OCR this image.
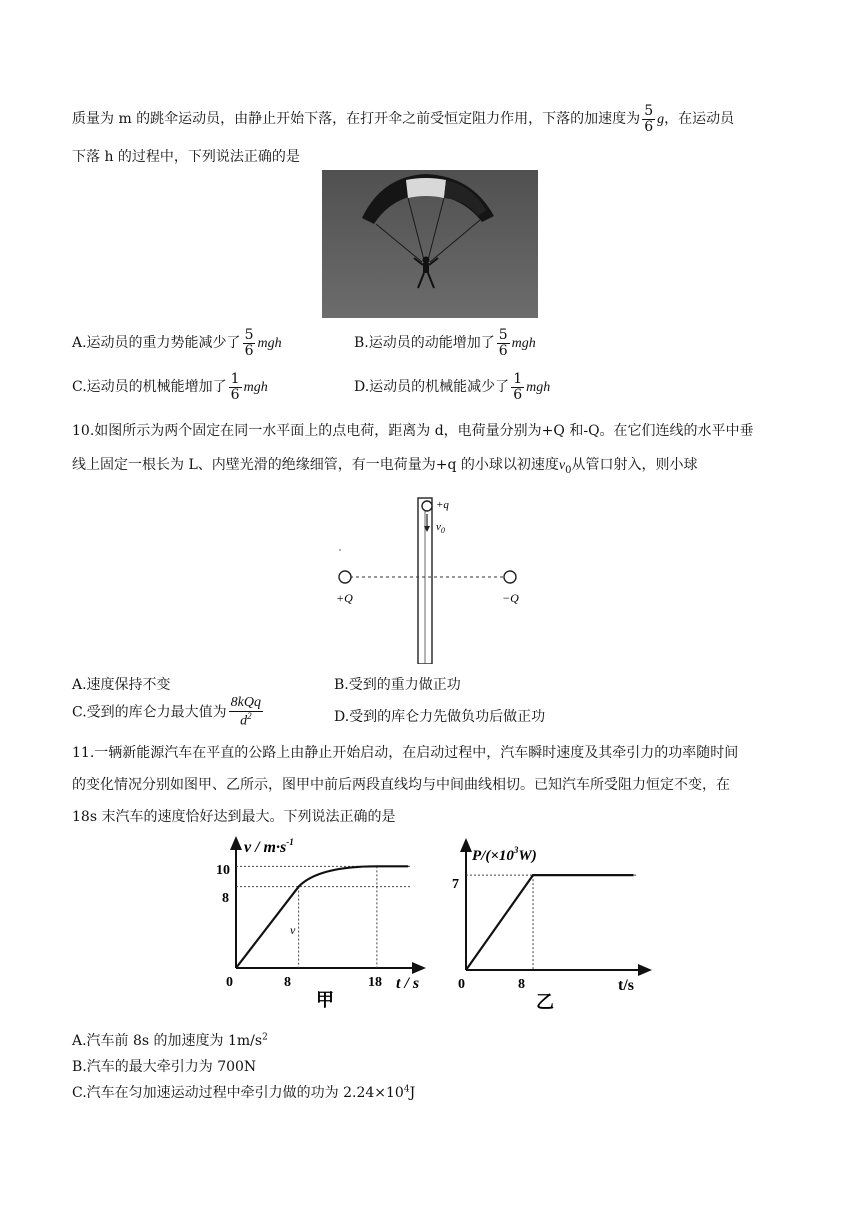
质量为 m 的跳伞运动员，由静止开始下落，在打开伞之前受恒定阻力作用，下落的加速度为 $\frac{5}{6}$ g，在运动员
下落 h 的过程中，下列说法正确的是
A.运动员的重力势能减少了 $\frac{5}{6}$ mgh	B.运动员的动能增加了 $\frac{5}{6}$ mgh
C.运动员的机械能增加了 $\frac{1}{6}$ mgh	D.运动员的机械能减少了 $\frac{1}{6}$ mgh
10.如图所示为两个固定在同一水平面上的点电荷，距离为 d，电荷量分别为+Q 和-Q。在它们连线的水平中垂
线上固定一根长为 L、内壁光滑的绝缘细管，有一电荷量为+q 的小球以初速度$v_0$从管口射入，则小球
+q
$v_0$
+Q	−Q
A.速度保持不变	B.受到的重力做正功
C.受到的库仑力最大值为 $\frac{\text{8kQq}}{d^2}$	D.受到的库仑力先做负功后做正功
11.一辆新能源汽车在平直的公路上由静止开始启动，在启动过程中，汽车瞬时速度及其牵引力的功率随时间
的变化情况分别如图甲、乙所示，图甲中前后两段直线均与中间曲线相切。已知汽车所受阻力恒定不变，在
18s 末汽车的速度恰好达到最大。下列说法正确的是
$v / m\cdot s^{-1}$
t / s
甲
10
8
0	8	18
v
$P/(\times 10^3W)$
t/s
乙
7
0	8
A.汽车前 8s 的加速度为 $1m/s^2$
B.汽车的最大牵引力为 700N
C.汽车在匀加速运动过程中牵引力做的功为 $2.24\times 10^4J$
